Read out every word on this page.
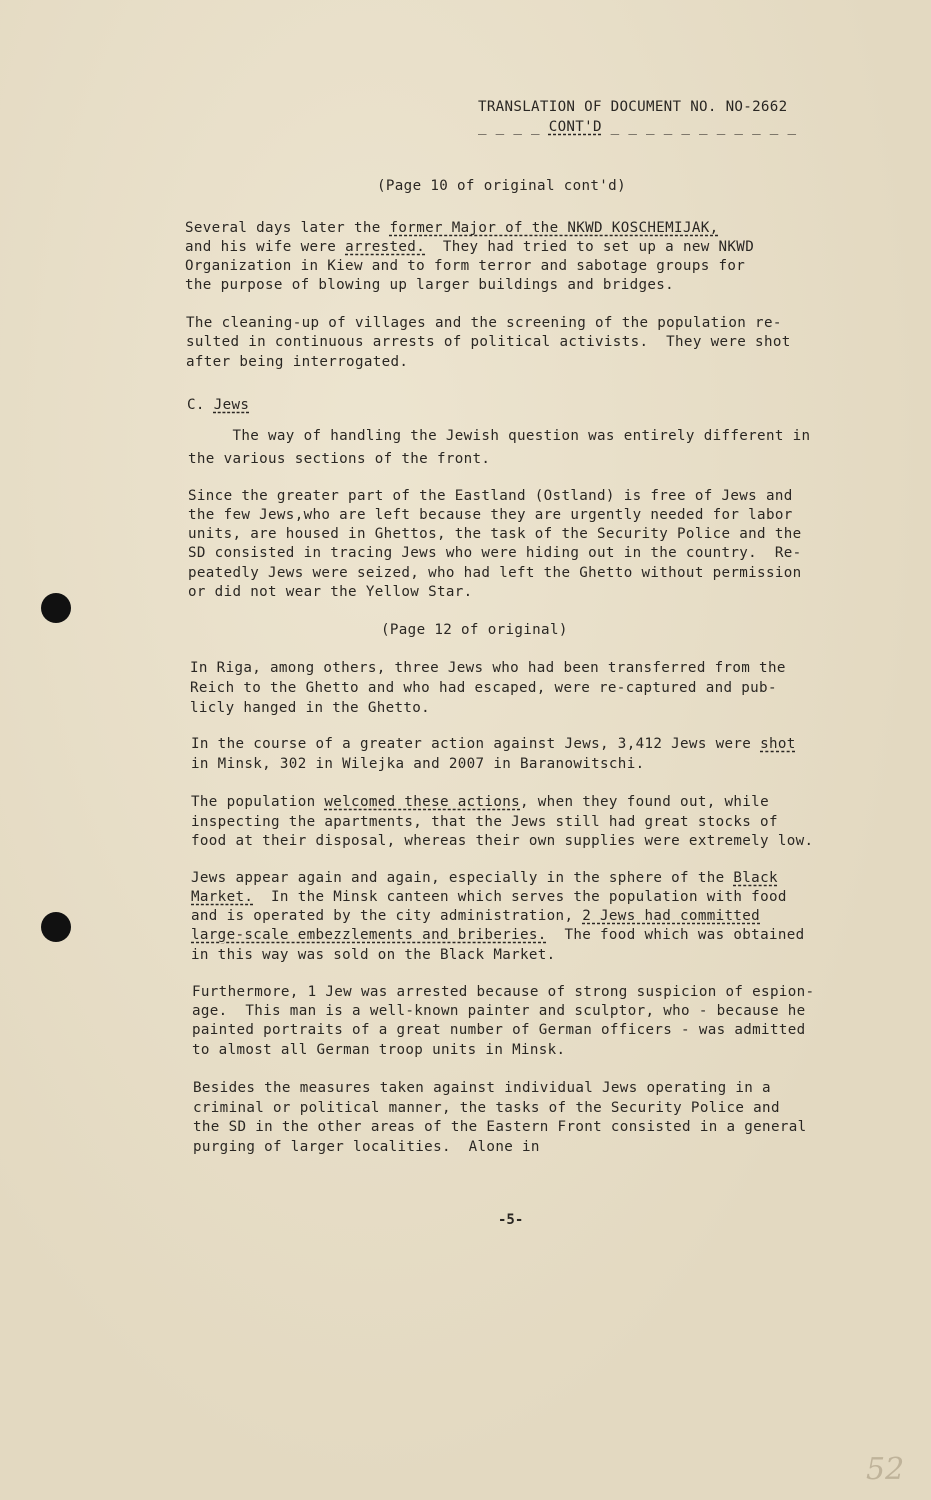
TRANSLATION OF DOCUMENT NO. NO-2662
_ _ _ _ CONT'D _ _ _ _ _ _ _ _ _ _ _
(Page 10 of original cont'd)
Several days later the former Major of the NKWD KOSCHEMIJAK,
and his wife were arrested.  They had tried to set up a new NKWD
Organization in Kiew and to form terror and sabotage groups for
the purpose of blowing up larger buildings and bridges.
The cleaning-up of villages and the screening of the population re-
sulted in continuous arrests of political activists.  They were shot
after being interrogated.
C. Jews
The way of handling the Jewish question was entirely different in
the various sections of the front.
Since the greater part of the Eastland (Ostland) is free of Jews and
the few Jews,who are left because they are urgently needed for labor
units, are housed in Ghettos, the task of the Security Police and the
SD consisted in tracing Jews who were hiding out in the country.  Re-
peatedly Jews were seized, who had left the Ghetto without permission
or did not wear the Yellow Star.
(Page 12 of original)
In Riga, among others, three Jews who had been transferred from the
Reich to the Ghetto and who had escaped, were re-captured and pub-
licly hanged in the Ghetto.
In the course of a greater action against Jews, 3,412 Jews were shot
in Minsk, 302 in Wilejka and 2007 in Baranowitschi.
The population welcomed these actions, when they found out, while
inspecting the apartments, that the Jews still had great stocks of
food at their disposal, whereas their own supplies were extremely low.
Jews appear again and again, especially in the sphere of the Black
Market.  In the Minsk canteen which serves the population with food
and is operated by the city administration, 2 Jews had committed
large-scale embezzlements and briberies.  The food which was obtained
in this way was sold on the Black Market.
Furthermore, 1 Jew was arrested because of strong suspicion of espion-
age.  This man is a well-known painter and sculptor, who - because he
painted portraits of a great number of German officers - was admitted
to almost all German troop units in Minsk.
Besides the measures taken against individual Jews operating in a
criminal or political manner, the tasks of the Security Police and
the SD in the other areas of the Eastern Front consisted in a general
purging of larger localities.  Alone in
-5-
52
